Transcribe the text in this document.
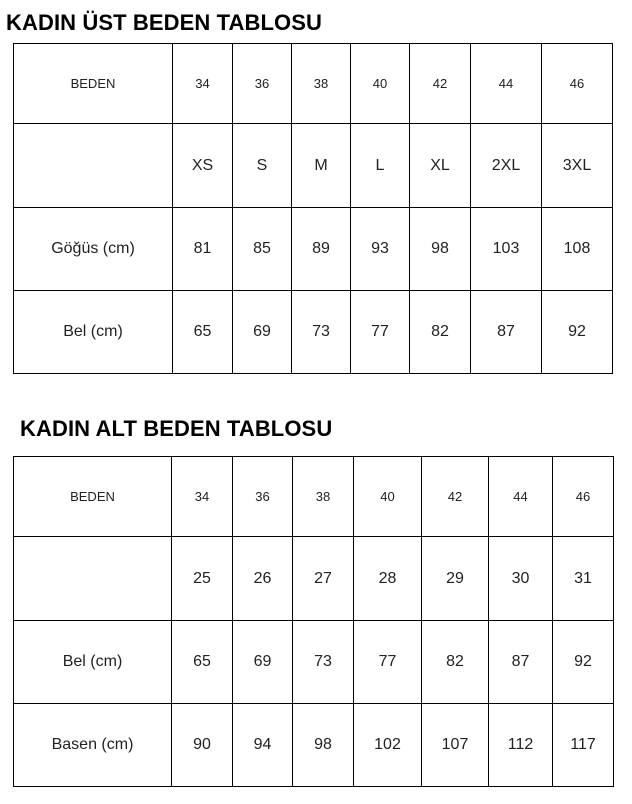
KADIN ÜST BEDEN TABLOSU
BEDEN	34	36	38	40	42	44	46
	XS	S	M	L	XL	2XL	3XL
Göğüs (cm)	81	85	89	93	98	103	108
Bel (cm)	65	69	73	77	82	87	92
KADIN ALT BEDEN TABLOSU
BEDEN	34	36	38	40	42	44	46
	25	26	27	28	29	30	31
Bel (cm)	65	69	73	77	82	87	92
Basen (cm)	90	94	98	102	107	112	117
